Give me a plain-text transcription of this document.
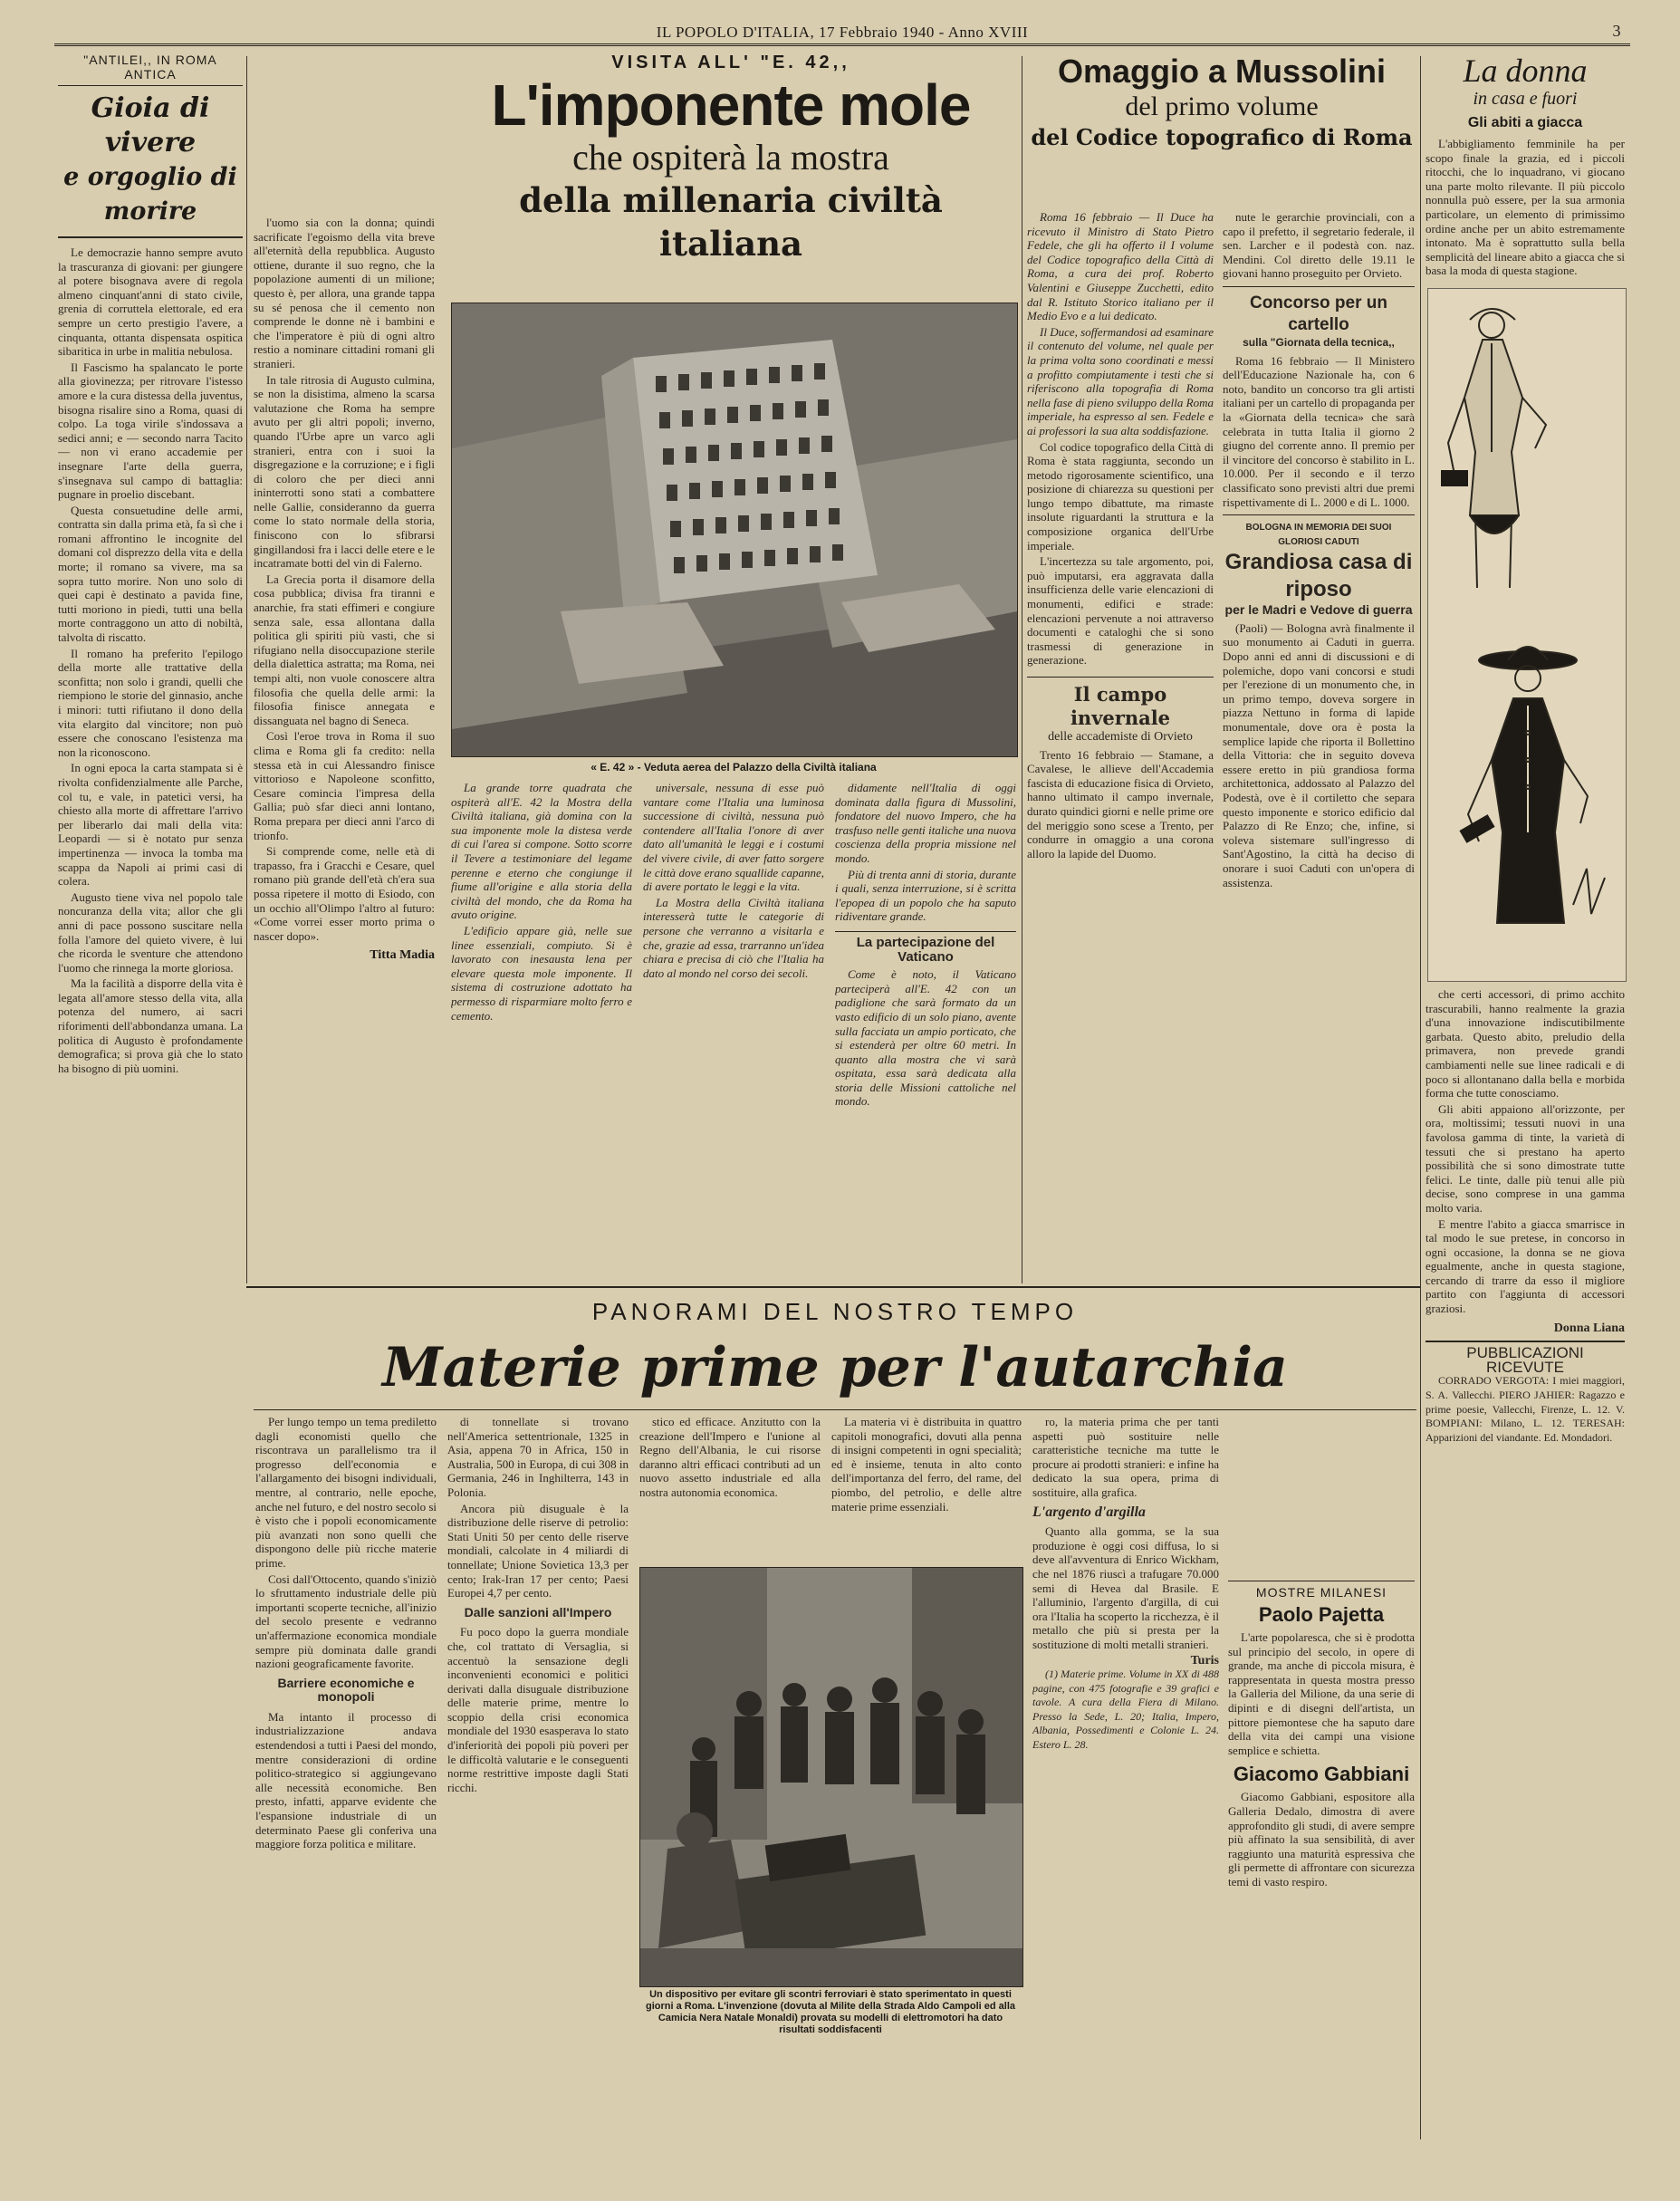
IL POPOLO D'ITALIA, 17 Febbraio 1940 - Anno XVIII	3
"ANTILEI,, IN ROMA ANTICA
Gioia di vivere
e orgoglio di morire

Le democrazie hanno sempre avuto la trascuranza di giovani: per giungere al potere bisognava avere di regola almeno cinquant'anni di stato civile, grenia di corruttela elettorale, ed era sempre un certo prestigio l'avere, a cinquanta, ottanta dispensata ospitica sibaritica in urbe in malitia nebulosa.

Il Fascismo ha spalancato le porte alla giovinezza; per ritrovare l'istesso amore e la cura distessa della juventus, bisogna risalire sino a Roma, quasi di colpo. La toga virile s'indossava a sedici anni; e — secondo narra Tacito — non vi erano accademie per insegnare l'arte della guerra, s'insegnava sul campo di battaglia: pugnare in proelio discebant.

Questa consuetudine delle armi, contratta sin dalla prima età, fa sì che i romani affrontino le incognite del domani col disprezzo della vita e della morte; il romano sa vivere, ma sa sopra tutto morire. Non uno solo di quei capi è destinato a pavida fine, tutti moriono in piedi, tutti una bella morte contraggono un atto di nobiltà, talvolta di riscatto.

Il romano ha preferito l'epilogo della morte alle trattative della sconfitta; non solo i grandi, quelli che riempiono le storie del ginnasio, anche i minori: tutti rifiutano il dono della vita elargito dal vincitore; non può essere che conoscano l'esistenza ma non la riconoscono.

In ogni epoca la carta stampata si è rivolta confidenzialmente alle Parche, col tu, e vale, in pateticì versi, ha chiesto alla morte di affrettare l'arrivo per liberarlo dai mali della vita: Leopardi — si è notato pur senza impertinenza — invoca la tomba ma scappa da Napoli ai primi casi di colera.

Augusto tiene viva nel popolo tale noncuranza della vita; allor che gli anni di pace possono suscitare nella folla l'amore del quieto vivere, è lui che ricorda le sventure che attendono l'uomo che rinnega la morte gloriosa.

Ma la facilità a disporre della vita è legata all'amore stesso della vita, alla potenza del numero, ai sacri riforimenti dell'abbondanza umana. La politica di Augusto è profondamente demografica; si prova già che lo stato ha bisogno di più uomini.

l'uomo sia con la donna; quindi sacrificate l'egoismo della vita breve all'eternità della repubblica. Augusto ottiene, durante il suo regno, che la popolazione aumenti di un milione; questo è, per allora, una grande tappa su sé penosa che il cemento non comprende le donne nè i bambini e che l'imperatore è più di ogni altro restio a nominare cittadini romani gli stranieri.

In tale ritrosia di Augusto culmina, se non la disistima, almeno la scarsa valutazione che Roma ha sempre avuto per gli altri popoli; inverno, quando l'Urbe apre un varco agli stranieri, entra con i suoi la disgregazione e la corruzione; e i figli di coloro che per dieci anni ininterrotti sono stati a combattere nelle Gallie, consideranno da guerra come lo stato normale della storia, finiscono con lo sfibrarsi gingillandosi fra i lacci delle etere e le incatramate botti del vin di Falerno.

La Grecia porta il disamore della cosa pubblica; divisa fra tiranni e anarchie, fra stati effimeri e congiure senza sale, essa allontana dalla politica gli spiriti più vasti, che si rifugiano nella disoccupazione sterile della dialettica astratta; ma Roma, nei tempi alti, non vuole conoscere altra filosofia che quella delle armi: la filosofia finisce annegata e dissanguata nel bagno di Seneca.

Così l'eroe trova in Roma il suo clima e Roma gli fa credito: nella stessa età in cui Alessandro finisce vittorioso e Napoleone sconfitto, Cesare comincia l'impresa della Gallia; può sfar dieci anni lontano, Roma prepara per dieci anni l'arco di trionfo.

Si comprende come, nelle età di trapasso, fra i Gracchi e Cesare, quel romano più grande dell'età ch'era sua possa ripetere il motto di Esiodo, con un occhio all'Olimpo l'altro al futuro: «Come vorrei esser morto prima o nascer dopo».

Titta Madia
VISITA ALL' "E. 42,,
L'imponente mole
che ospiterà la mostra
della millenaria civiltà italiana
« E. 42 » - Veduta aerea del Palazzo della Civiltà italiana

La grande torre quadrata che ospiterà all'E. 42 la Mostra della Civiltà italiana, già domina con la sua imponente mole la distesa verde di cui l'area si compone. Sotto scorre il Tevere a testimoniare del legame perenne e eterno che congiunge il fiume all'origine e alla storia della civiltà del mondo, che da Roma ha avuto origine.

L'edificio appare già, nelle sue linee essenziali, compiuto. Si è lavorato con inesausta lena per elevare questa mole imponente. Il sistema di costruzione adottato ha permesso di risparmiare molto ferro e cemento.

universale, nessuna di esse può vantare come l'Italia una luminosa successione di civiltà, nessuna può contendere all'Italia l'onore di aver dato all'umanità le leggi e i costumi del vivere civile, di aver fatto sorgere le città dove erano squallide capanne, di avere portato le leggi e la vita.

La Mostra della Civiltà italiana interesserà tutte le categorie di persone che verranno a visitarla e che, grazie ad essa, trarranno un'idea chiara e precisa di ciò che l'Italia ha dato al mondo nel corso dei secoli.

didamente nell'Italia di oggi dominata dalla figura di Mussolini, fondatore del nuovo Impero, che ha trasfuso nelle genti italiche una nuova coscienza della propria missione nel mondo.

Più di trenta anni di storia, durante i quali, senza interruzione, si è scritta l'epopea di un popolo che ha saputo ridiventare grande.

La partecipazione del Vaticano

Come è noto, il Vaticano parteciperà all'E. 42 con un padiglione che sarà formato da un vasto edificio di un solo piano, avente sulla facciata un ampio porticato, che si estenderà per oltre 60 metri. In quanto alla mostra che vi sarà ospitata, essa sarà dedicata alla storia delle Missioni cattoliche nel mondo.

Omaggio a Mussolini
del primo volume
del Codice topografico di Roma

Roma 16 febbraio — Il Duce ha ricevuto il Ministro di Stato Pietro Fedele, che gli ha offerto il I volume del Codice topografico della Città di Roma, a cura dei prof. Roberto Valentini e Giuseppe Zucchetti, edito dal R. Istituto Storico italiano per il Medio Evo e a lui dedicato.

Il Duce, soffermandosi ad esaminare il contenuto del volume, nel quale per la prima volta sono coordinati e messi a profitto compiutamente i testi che si riferiscono alla topografia di Roma nella fase di pieno sviluppo della Roma imperiale, ha espresso al sen. Fedele e ai professori la sua alta soddisfazione.

Col codice topografico della Città di Roma è stata raggiunta, secondo un metodo rigorosamente scientifico, una posizione di chiarezza su questioni per lungo tempo dibattute, ma rimaste insolute riguardanti la struttura e la composizione organica dell'Urbe imperiale.

L'incertezza su tale argomento, poi, può imputarsi, era aggravata dalla insufficienza delle varie elencazioni di monumenti, edifici e strade: elencazioni pervenute a noi attraverso documenti e cataloghi che si sono trasmessi di generazione in generazione.

Il campo invernale
delle accademiste di Orvieto

Trento 16 febbraio — Stamane, a Cavalese, le allieve dell'Accademia fascista di educazione fisica di Orvieto, hanno ultimato il campo invernale, durato quindici giorni e nelle prime ore del meriggio sono scese a Trento, per condurre in omaggio a una corona alloro la lapide del Duomo.

nute le gerarchie provinciali, con a capo il prefetto, il segretario federale, il sen. Larcher e il podestà con. naz. Mendini. Col diretto delle 19.11 le giovani hanno proseguito per Orvieto.

Concorso per un cartello
sulla "Giornata della tecnica,,

Roma 16 febbraio — Il Ministero dell'Educazione Nazionale ha, con 6 noto, bandito un concorso tra gli artisti italiani per un cartello di propaganda per la «Giornata della tecnica» che sarà celebrata in tutta Italia il giorno 2 giugno del corrente anno. Il premio per il vincitore del concorso è stabilito in L. 10.000. Per il secondo e il terzo classificato sono previsti altri due premi rispettivamente di L. 2000 e di L. 1000.

BOLOGNA IN MEMORIA DEI SUOI GLORIOSI CADUTI
Grandiosa casa di riposo
per le Madri e Vedove di guerra

(Paoli) — Bologna avrà finalmente il suo monumento ai Caduti in guerra. Dopo anni ed anni di discussioni e di polemiche, dopo vani concorsi e studi per l'erezione di un monumento che, in un primo tempo, doveva sorgere in piazza Nettuno in forma di lapide monumentale, dove ora è posta la semplice lapide che riporta il Bollettino della Vittoria: che in seguito doveva essere eretto in più grandiosa forma architettonica, addossato al Palazzo del Podestà, ove è il cortiletto che separa questo imponente e storico edificio dal Palazzo di Re Enzo; che, infine, si voleva sistemare sull'ingresso di Sant'Agostino, la città ha deciso di onorare i suoi Caduti con un'opera di assistenza.

La donna
in casa e fuori
Gli abiti a giacca

L'abbigliamento femminile ha per scopo finale la grazia, ed i piccoli ritocchi, che lo inquadrano, vi giocano una parte molto rilevante. Il più piccolo nonnulla può essere, per la sua armonia particolare, un elemento di primissimo ordine anche per un abito estremamente intonato. Ma è soprattutto sulla bella semplicità del lineare abito a giacca che si basa la moda di questa stagione.

che certi accessori, di primo acchito trascurabili, hanno realmente la grazia d'una innovazione indiscutibilmente garbata. Questo abito, preludio della primavera, non prevede grandi cambiamenti nelle sue linee radicali e di poco si allontanano dalla bella e morbida forma che tutte conosciamo.

Gli abiti appaiono all'orizzonte, per ora, moltissimi; tessuti nuovi in una favolosa gamma di tinte, la varietà di tessuti che si prestano ha aperto possibilità che si sono dimostrate tutte felici. Le tinte, dalle più tenui alle più decise, sono comprese in una gamma molto varia.

E mentre l'abito a giacca smarrisce in tal modo le sue pretese, in concorso in ogni occasione, la donna se ne giova egualmente, anche in questa stagione, cercando di trarre da esso il migliore partito con l'aggiunta di accessori graziosi.

Donna Liana
PUBBLICAZIONI RICEVUTE

CORRADO VERGOTA: I miei maggiori, S. A. Vallecchi. PIERO JAHIER: Ragazzo e prime poesie, Vallecchi, Firenze, L. 12. V. BOMPIANI: Milano, L. 12. TERESAH: Apparizioni del viandante. Ed. Mondadori.

PANORAMI DEL NOSTRO TEMPO
Materie prime per l'autarchia

Per lungo tempo un tema prediletto dagli economisti quello che riscontrava un parallelismo tra il progresso dell'economia e l'allargamento dei bisogni individuali, mentre, al contrario, nelle epoche, anche nel futuro, e del nostro secolo si è visto che i popoli economicamente più avanzati non sono quelli che dispongono delle più ricche materie prime.

Cosi dall'Ottocento, quando s'iniziò lo sfruttamento industriale delle più importanti scoperte tecniche, all'inizio del secolo presente e vedranno un'affermazione economica mondiale sempre più dominata dalle grandi nazioni geograficamente favorite.

Barriere economiche e monopoli

Ma intanto il processo di industrializzazione andava estendendosi a tutti i Paesi del mondo, mentre considerazioni di ordine politico-strategico si aggiungevano alle necessità economiche. Ben presto, infatti, apparve evidente che l'espansione industriale di un determinato Paese gli conferiva una maggiore forza politica e militare.

di tonnellate si trovano nell'America settentrionale, 1325 in Asia, appena 70 in Africa, 150 in Australia, 500 in Europa, di cui 308 in Germania, 246 in Inghilterra, 143 in Polonia.

Ancora più disuguale è la distribuzione delle riserve di petrolio: Stati Uniti 50 per cento delle riserve mondiali, calcolate in 4 miliardi di tonnellate; Unione Sovietica 13,3 per cento; Irak-Iran 17 per cento; Paesi Europei 4,7 per cento.

Dalle sanzioni all'Impero

Fu poco dopo la guerra mondiale che, col trattato di Versaglia, si accentuò la sensazione degli inconvenienti economici e politici derivati dalla disuguale distribuzione delle materie prime, mentre lo scoppio della crisi economica mondiale del 1930 esasperava lo stato d'inferiorità dei popoli più poveri per le difficoltà valutarie e le conseguenti norme restrittive imposte dagli Stati ricchi.

stico ed efficace. Anzitutto con la creazione dell'Impero e l'unione al Regno dell'Albania, le cui risorse daranno altri efficaci contributi ad un nuovo assetto industriale ed alla nostra autonomia economica.

La materia vi è distribuita in quattro capitoli monografici, dovuti alla penna di insigni competenti in ogni specialità; ed è insieme, tenuta in alto conto dell'importanza del ferro, del rame, del piombo, del petrolio, e delle altre materie prime essenziali.

ro, la materia prima che per tanti aspetti può sostituire nelle caratteristiche tecniche ma tutte le procure ai prodotti stranieri: e infine ha dedicato la sua opera, prima di sostituire, alla grafica.

L'argento d'argilla

Quanto alla gomma, se la sua produzione è oggi cosi diffusa, lo si deve all'avventura di Enrico Wickham, che nel 1876 riuscì a trafugare 70.000 semi di Hevea dal Brasile. E l'alluminio, l'argento d'argilla, di cui ora l'Italia ha scoperto la ricchezza, è il metallo che più si presta per la sostituzione di molti metalli stranieri.

Turis

(1) Materie prime. Volume in XX di 488 pagine, con 475 fotografie e 39 grafici e tavole. A cura della Fiera di Milano. Presso la Sede, L. 20; Italia, Impero, Albania, Possedimenti e Colonie L. 24. Estero L. 28.

Un dispositivo per evitare gli scontri ferroviari è stato sperimentato in questi giorni a Roma. L'invenzione (dovuta al Milite della Strada Aldo Campoli ed alla Camicia Nera Natale Monaldi) provata su modelli di elettromotori ha dato risultati soddisfacenti
MOSTRE MILANESI
Paolo Pajetta

L'arte popolaresca, che si è prodotta sul principio del secolo, in opere di grande, ma anche di piccola misura, è rappresentata in questa mostra presso la Galleria del Milione, da una serie di dipinti e di disegni dell'artista, un pittore piemontese che ha saputo dare della vita dei campi una visione semplice e schietta.

Giacomo Gabbiani

Giacomo Gabbiani, espositore alla Galleria Dedalo, dimostra di avere approfondito gli studi, di avere sempre più affinato la sua sensibilità, di aver raggiunto una maturità espressiva che gli permette di affrontare con sicurezza temi di vasto respiro.
